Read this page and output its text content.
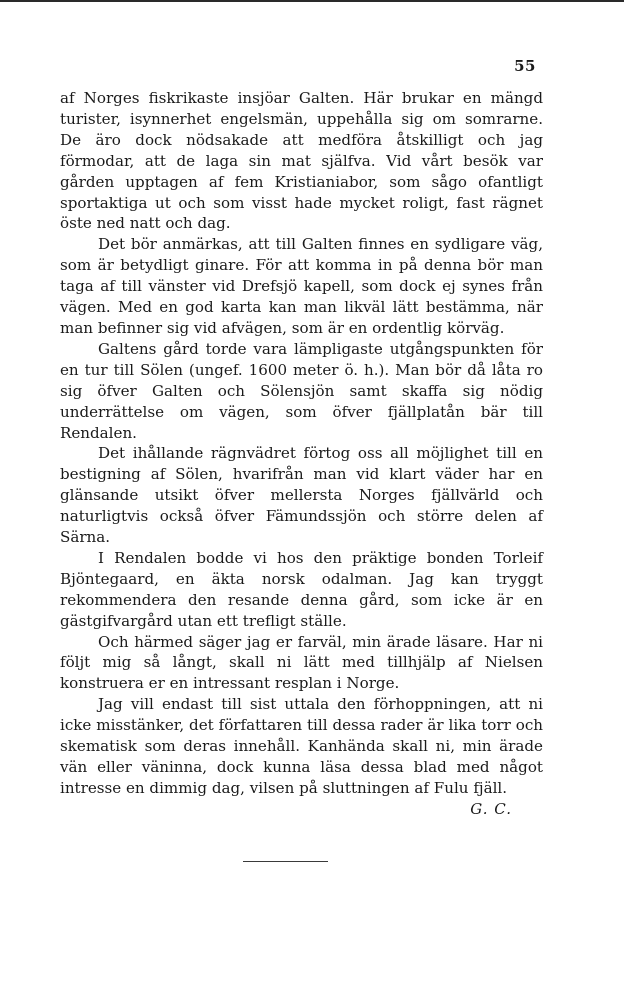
55

af Norges fiskrikaste insjöar Galten. Här brukar en mängd turister, isynnerhet engelsmän, uppehålla sig om somrarne. De äro dock nödsakade att medföra åtskilligt och jag förmodar, att de laga sin mat själfva. Vid vårt besök var gården upptagen af fem Kristianiabor, som sågo ofantligt sportaktiga ut och som visst hade mycket roligt, fast rägnet öste ned natt och dag.

Det bör anmärkas, att till Galten finnes en sydligare väg, som är betydligt ginare. För att komma in på denna bör man taga af till vänster vid Drefsjö kapell, som dock ej synes från vägen. Med en god karta kan man likväl lätt bestämma, när man befinner sig vid afvägen, som är en ordentlig körväg.

Galtens gård torde vara lämpligaste utgångspunkten för en tur till Sölen (ungef. 1600 meter ö. h.). Man bör då låta ro sig öfver Galten och Sölensjön samt skaffa sig nödig underrättelse om vägen, som öfver fjällplatån bär till Rendalen.

Det ihållande rägnvädret förtog oss all möjlighet till en bestigning af Sölen, hvarifrån man vid klart väder har en glänsande utsikt öfver mellersta Norges fjällvärld och naturligtvis också öfver Fämundssjön och större delen af Särna.

I Rendalen bodde vi hos den präktige bonden Torleif Bjöntegaard, en äkta norsk odalman. Jag kan tryggt rekommendera den resande denna gård, som icke är en gästgifvargård utan ett trefligt ställe.

Och härmed säger jag er farväl, min ärade läsare. Har ni följt mig så långt, skall ni lätt med tillhjälp af Nielsen konstruera er en intressant resplan i Norge.

Jag vill endast till sist uttala den förhoppningen, att ni icke misstänker, det författaren till dessa rader är lika torr och skematisk som deras innehåll. Kanhända skall ni, min ärade vän eller väninna, dock kunna läsa dessa blad med något intresse en dimmig dag, vilsen på sluttningen af Fulu fjäll.

G. C.
